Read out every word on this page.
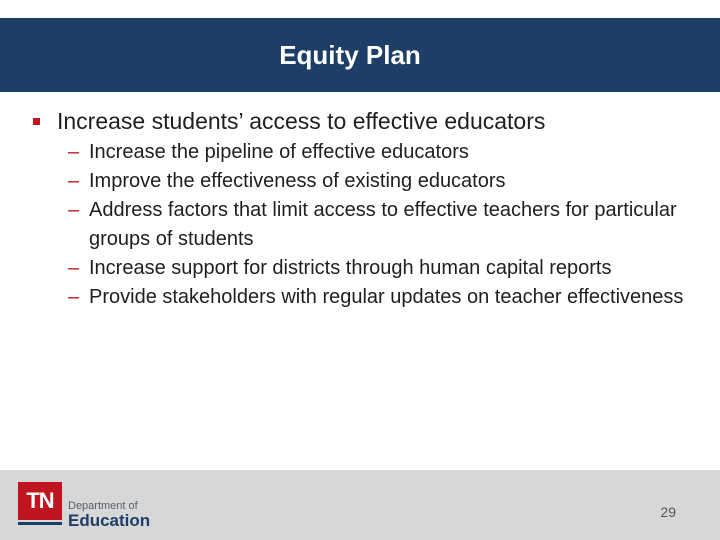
Equity Plan
Increase students’ access to effective educators
– Increase the pipeline of effective educators
– Improve the effectiveness of existing educators
– Address factors that limit access to effective teachers for particular groups of students
– Increase support for districts through human capital reports
– Provide stakeholders with regular updates on teacher effectiveness
TN	Department of
Education	29
